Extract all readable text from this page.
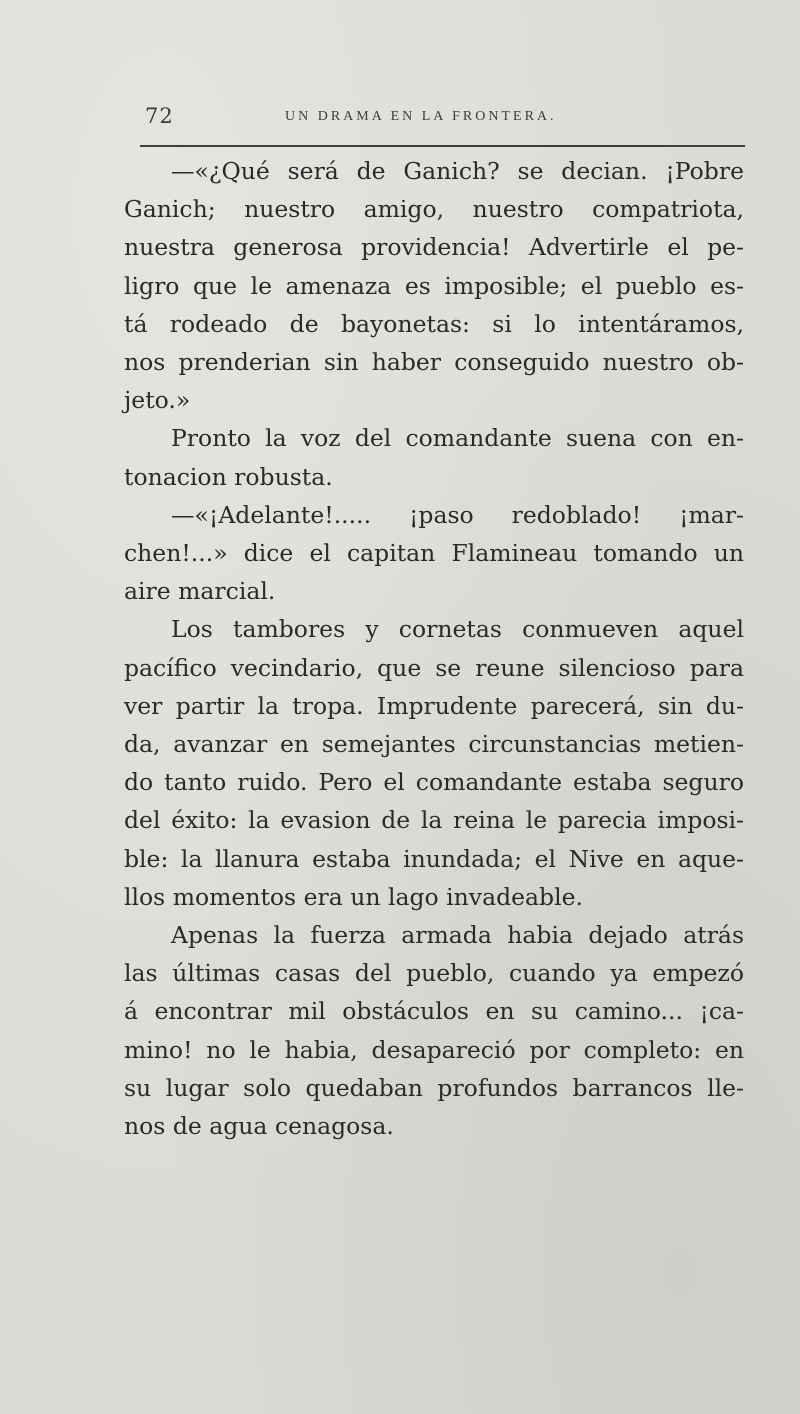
72	UN DRAMA EN LA FRONTERA.

—«¿Qué será de Ganich? se decian. ¡Pobre
Ganich; nuestro amigo, nuestro compatriota,
nuestra generosa providencia! Advertirle el pe-
ligro que le amenaza es imposible; el pueblo es-
tá rodeado de bayonetas: si lo intentáramos,
nos prenderian sin haber conseguido nuestro ob-
jeto.»

Pronto la voz del comandante suena con en-
tonacion robusta.

—«¡Adelante!..... ¡paso redoblado! ¡mar-
chen!...» dice el capitan Flamineau tomando un
aire marcial.

Los tambores y cornetas conmueven aquel
pacífico vecindario, que se reune silencioso para
ver partir la tropa. Imprudente parecerá, sin du-
da, avanzar en semejantes circunstancias metien-
do tanto ruido. Pero el comandante estaba seguro
del éxito: la evasion de la reina le parecia imposi-
ble: la llanura estaba inundada; el Nive en aque-
llos momentos era un lago invadeable.

Apenas la fuerza armada habia dejado atrás
las últimas casas del pueblo, cuando ya empezó
á encontrar mil obstáculos en su camino... ¡ca-
mino! no le habia, desapareció por completo: en
su lugar solo quedaban profundos barrancos lle-
nos de agua cenagosa.
